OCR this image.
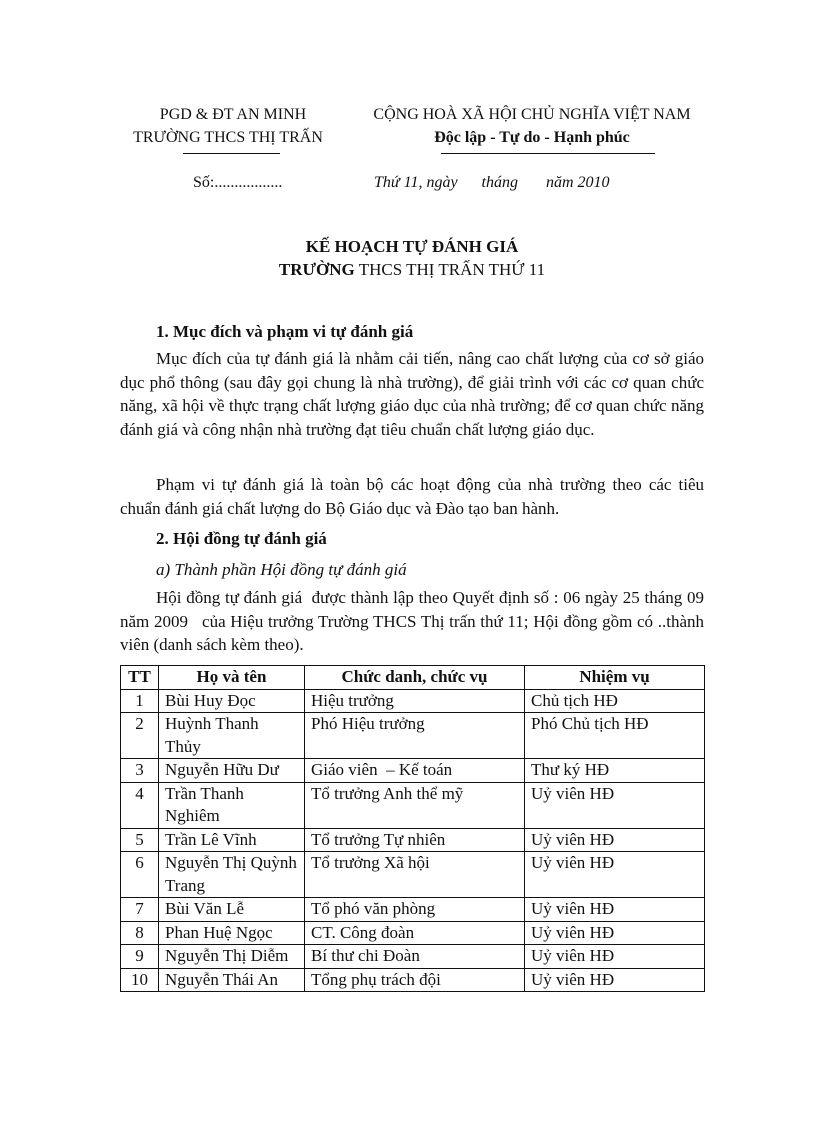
PGD & ĐT AN MINH
TRƯỜNG THCS THỊ TRẤN
CỘNG HOÀ XÃ HỘI CHỦ NGHĨA VIỆT NAM
Độc lập - Tự do - Hạnh phúc
Số:.................	Thứ 11, ngày      tháng       năm 2010
KẾ HOẠCH TỰ ĐÁNH GIÁ
TRƯỜNG THCS THỊ TRẤN THỨ 11
1. Mục đích và phạm vi tự đánh giá

Mục đích của tự đánh giá là nhằm cải tiến, nâng cao chất lượng của cơ sở giáo dục phổ thông (sau đây gọi chung là nhà trường), để giải trình với các cơ quan chức năng, xã hội về thực trạng chất lượng giáo dục của nhà trường; để cơ quan chức năng đánh giá và công nhận nhà trường đạt tiêu chuẩn chất lượng giáo dục.

Phạm vi tự đánh giá là toàn bộ các hoạt động của nhà trường theo các tiêu chuẩn đánh giá chất lượng do Bộ Giáo dục và Đào tạo ban hành.

2. Hội đồng tự đánh giá
a) Thành phần Hội đồng tự đánh giá

Hội đồng tự đánh giá  được thành lập theo Quyết định số : 06 ngày 25 tháng 09 năm 2009   của Hiệu trưởng Trường THCS Thị trấn thứ 11; Hội đồng gồm có ..thành viên (danh sách kèm theo).

TT	Họ và tên	Chức danh, chức vụ	Nhiệm vụ
1	Bùi Huy Đọc	Hiệu trưởng	Chủ tịch HĐ
2	Huỳnh Thanh Thủy	Phó Hiệu trưởng	Phó Chủ tịch HĐ
3	Nguyễn Hữu Dư	Giáo viên  – Kế toán	Thư ký HĐ
4	Trần Thanh Nghiêm	Tổ trưởng Anh thể mỹ	Uỷ viên HĐ
5	Trần Lê Vĩnh	Tổ trưởng Tự nhiên	Uỷ viên HĐ
6	Nguyễn Thị Quỳnh Trang	Tổ trưởng Xã hội	Uỷ viên HĐ
7	Bùi Văn Lễ	Tổ phó văn phòng	Uỷ viên HĐ
8	Phan Huệ Ngọc	CT. Công đoàn	Uỷ viên HĐ
9	Nguyễn Thị Diễm	Bí thư chi Đoàn	Uỷ viên HĐ
10	Nguyễn Thái An	Tổng phụ trách đội	Uỷ viên HĐ
